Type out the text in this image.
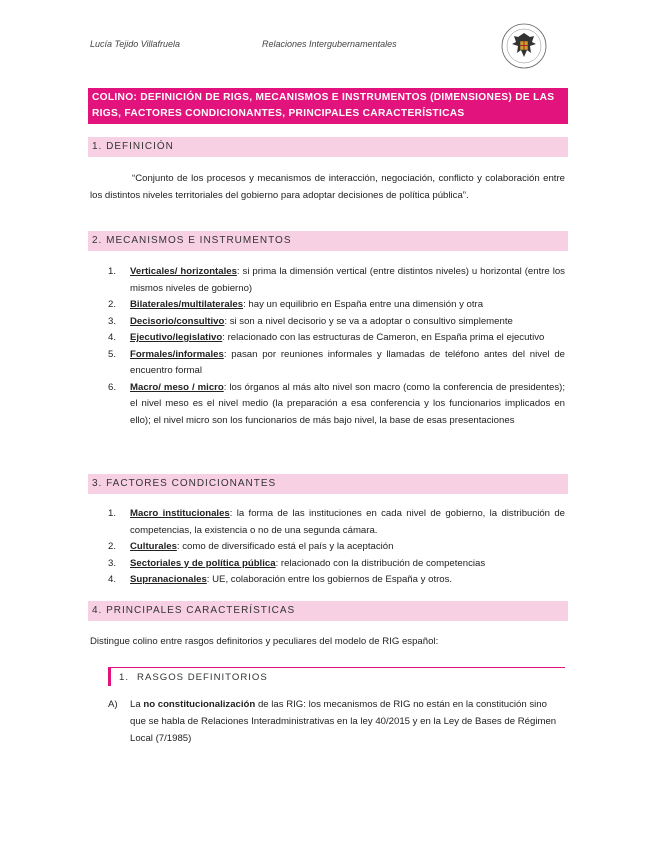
Lucía Tejido Villafruela	Relaciones Intergubernamentales
COLINO: DEFINICIÓN DE RIGS, MECANISMOS E INSTRUMENTOS (DIMENSIONES) DE LAS RIGS, FACTORES CONDICIONANTES, PRINCIPALES CARACTERÍSTICAS
1. DEFINICIÓN
“Conjunto de los procesos y mecanismos de interacción, negociación, conflicto y colaboración entre los distintos niveles territoriales del gobierno para adoptar decisiones de política pública”.
2. MECANISMOS E INSTRUMENTOS
1. Verticales/ horizontales: si prima la dimensión vertical (entre distintos niveles) u horizontal (entre los mismos niveles de gobierno)
2. Bilaterales/multilaterales: hay un equilibrio en España entre una dimensión y otra
3. Decisorio/consultivo: si son a nivel decisorio y se va a adoptar o consultivo simplemente
4. Ejecutivo/legislativo: relacionado con las estructuras de Cameron, en España prima el ejecutivo
5. Formales/informales: pasan por reuniones informales y llamadas de teléfono antes del nivel de encuentro formal
6. Macro/ meso / micro: los órganos al más alto nivel son macro (como la conferencia de presidentes); el nivel meso es el nivel medio (la preparación a esa conferencia y los funcionarios implicados en ello); el nivel micro son los funcionarios de más bajo nivel, la base de esas presentaciones
3. FACTORES CONDICIONANTES
1. Macro institucionales: la forma de las instituciones en cada nivel de gobierno, la distribución de competencias, la existencia o no de una segunda cámara.
2. Culturales: como de diversificado está el país y la aceptación
3. Sectoriales y de política pública: relacionado con la distribución de competencias
4. Supranacionales: UE, colaboración entre los gobiernos de España y otros.
4. PRINCIPALES CARACTERÍSTICAS
Distingue colino entre rasgos definitorios y peculiares del modelo de RIG español:
1. RASGOS DEFINITORIOS
A) La no constitucionalización de las RIG: los mecanismos de RIG no están en la constitución sino que se habla de Relaciones Interadministrativas en la ley 40/2015 y en la Ley de Bases de Régimen Local (7/1985)
